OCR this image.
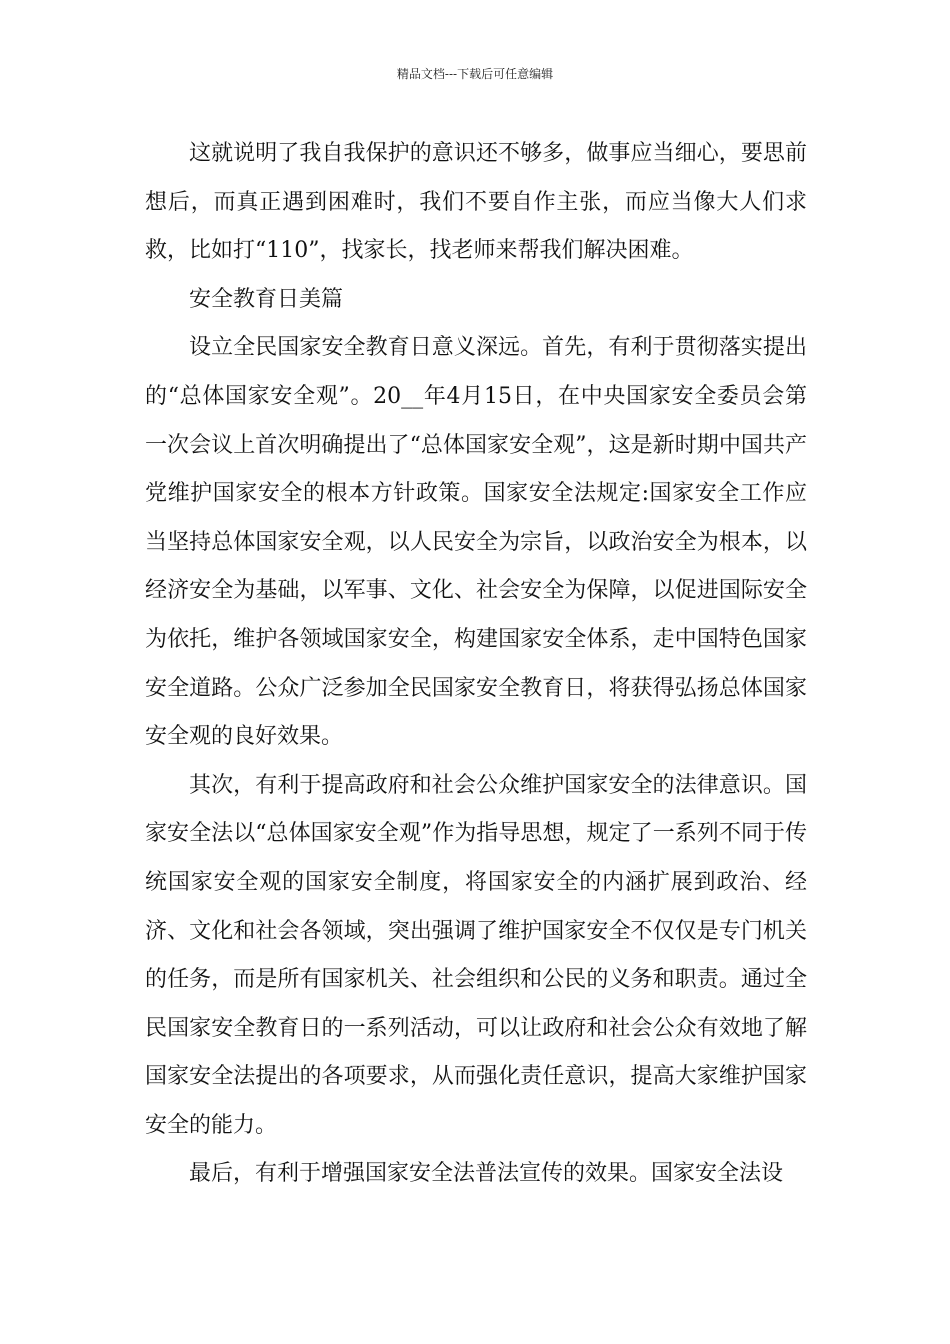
精品文档---下载后可任意编辑

这就说明了我自我保护的意识还不够多，做事应当细心，要思前想后，而真正遇到困难时，我们不要自作主张，而应当像大人们求救，比如打“110”，找家长，找老师来帮我们解决困难。

安全教育日美篇

设立全民国家安全教育日意义深远。首先，有利于贯彻落实提出的“总体国家安全观”。20__年4月15日，在中央国家安全委员会第一次会议上首次明确提出了“总体国家安全观”，这是新时期中国共产党维护国家安全的根本方针政策。国家安全法规定:国家安全工作应当坚持总体国家安全观，以人民安全为宗旨，以政治安全为根本，以经济安全为基础，以军事、文化、社会安全为保障，以促进国际安全为依托，维护各领域国家安全，构建国家安全体系，走中国特色国家安全道路。公众广泛参加全民国家安全教育日，将获得弘扬总体国家安全观的良好效果。

其次，有利于提高政府和社会公众维护国家安全的法律意识。国家安全法以“总体国家安全观”作为指导思想，规定了一系列不同于传统国家安全观的国家安全制度，将国家安全的内涵扩展到政治、经济、文化和社会各领域，突出强调了维护国家安全不仅仅是专门机关的任务，而是所有国家机关、社会组织和公民的义务和职责。通过全民国家安全教育日的一系列活动，可以让政府和社会公众有效地了解国家安全法提出的各项要求，从而强化责任意识，提高大家维护国家安全的能力。

最后，有利于增强国家安全法普法宣传的效果。国家安全法设
